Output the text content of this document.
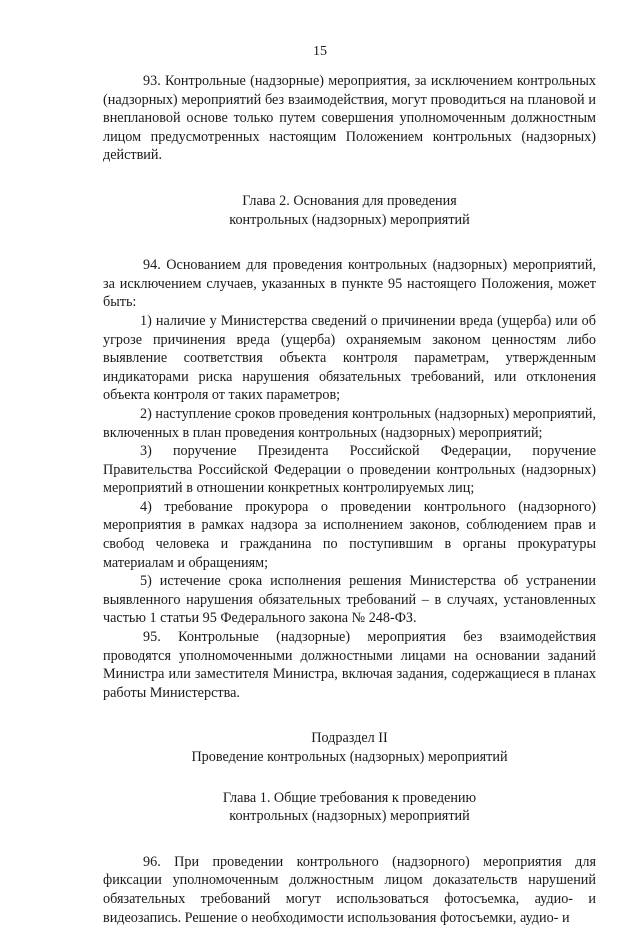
15

93. Контрольные (надзорные) мероприятия, за исключением контрольных (надзорных) мероприятий без взаимодействия, могут проводиться на плановой и внеплановой основе только путем совершения уполномоченным должностным лицом предусмотренных настоящим Положением контрольных (надзорных) действий.

Глава 2. Основания для проведения
контрольных (надзорных) мероприятий

94. Основанием для проведения контрольных (надзорных) мероприятий, за исключением случаев, указанных в пункте 95 настоящего Положения, может быть:

1) наличие у Министерства сведений о причинении вреда (ущерба) или об угрозе причинения вреда (ущерба) охраняемым законом ценностям либо выявление соответствия объекта контроля параметрам, утвержденным индикаторами риска нарушения обязательных требований, или отклонения объекта контроля от таких параметров;

2) наступление сроков проведения контрольных (надзорных) мероприятий, включенных в план проведения контрольных (надзорных) мероприятий;

3) поручение Президента Российской Федерации, поручение Правительства Российской Федерации о проведении контрольных (надзорных) мероприятий в отношении конкретных контролируемых лиц;

4) требование прокурора о проведении контрольного (надзорного) мероприятия в рамках надзора за исполнением законов, соблюдением прав и свобод человека и гражданина по поступившим в органы прокуратуры материалам и обращениям;

5) истечение срока исполнения решения Министерства об устранении выявленного нарушения обязательных требований – в случаях, установленных частью 1 статьи 95 Федерального закона № 248-ФЗ.

95. Контрольные (надзорные) мероприятия без взаимодействия проводятся уполномоченными должностными лицами на основании заданий Министра или заместителя Министра, включая задания, содержащиеся в планах работы Министерства.

Подраздел II
Проведение контрольных (надзорных) мероприятий
Глава 1. Общие требования к проведению
контрольных (надзорных) мероприятий

96. При проведении контрольного (надзорного) мероприятия для фиксации уполномоченным должностным лицом доказательств нарушений обязательных требований могут использоваться фотосъемка, аудио- и видеозапись. Решение о необходимости использования фотосъемки, аудио- и
